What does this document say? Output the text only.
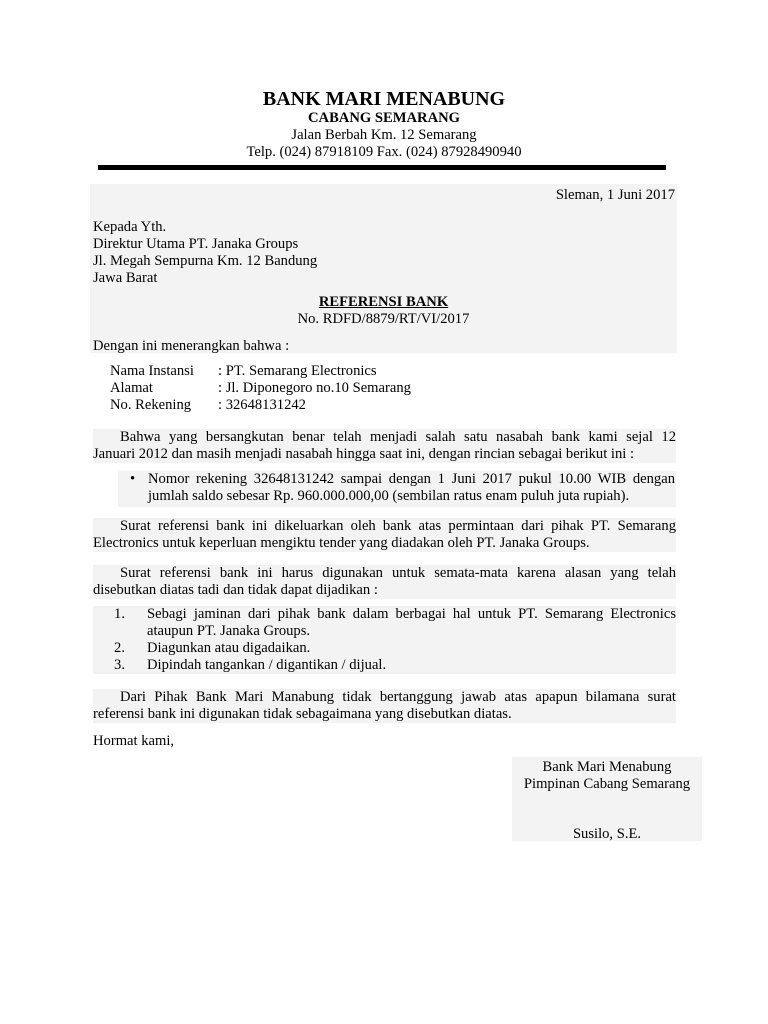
BANK MARI MENABUNG
CABANG SEMARANG
Jalan Berbah Km. 12 Semarang
Telp. (024) 87918109 Fax. (024) 87928490940
Sleman, 1 Juni 2017
Kepada Yth.
Direktur Utama PT. Janaka Groups
Jl. Megah Sempurna Km. 12 Bandung
Jawa Barat
REFERENSI BANK
No. RDFD/8879/RT/VI/2017
Dengan ini menerangkan bahwa :
Nama Instansi	: PT. Semarang Electronics
Alamat	: Jl. Diponegoro no.10 Semarang
No. Rekening	: 32648131242
Bahwa yang bersangkutan benar telah menjadi salah satu nasabah bank kami sejal 12
Januari 2012 dan masih menjadi nasabah hingga saat ini, dengan rincian sebagai berikut ini :
• Nomor rekening 32648131242 sampai dengan 1 Juni 2017 pukul 10.00 WIB dengan
jumlah saldo sebesar Rp. 960.000.000,00 (sembilan ratus enam puluh juta rupiah).
Surat referensi bank ini dikeluarkan oleh bank atas permintaan dari pihak PT. Semarang
Electronics untuk keperluan mengiktu tender yang diadakan oleh PT. Janaka Groups.
Surat referensi bank ini harus digunakan untuk semata-mata karena alasan yang telah
disebutkan diatas tadi dan tidak dapat dijadikan :
1.	Sebagi jaminan dari pihak bank dalam berbagai hal untuk PT. Semarang Electronics
ataupun PT. Janaka Groups.
2.	Diagunkan atau digadaikan.
3.	Dipindah tangankan / digantikan / dijual.
Dari Pihak Bank Mari Manabung tidak bertanggung jawab atas apapun bilamana surat
referensi bank ini digunakan tidak sebagaimana yang disebutkan diatas.
Hormat kami,
Bank Mari Menabung
Pimpinan Cabang Semarang
Susilo, S.E.
